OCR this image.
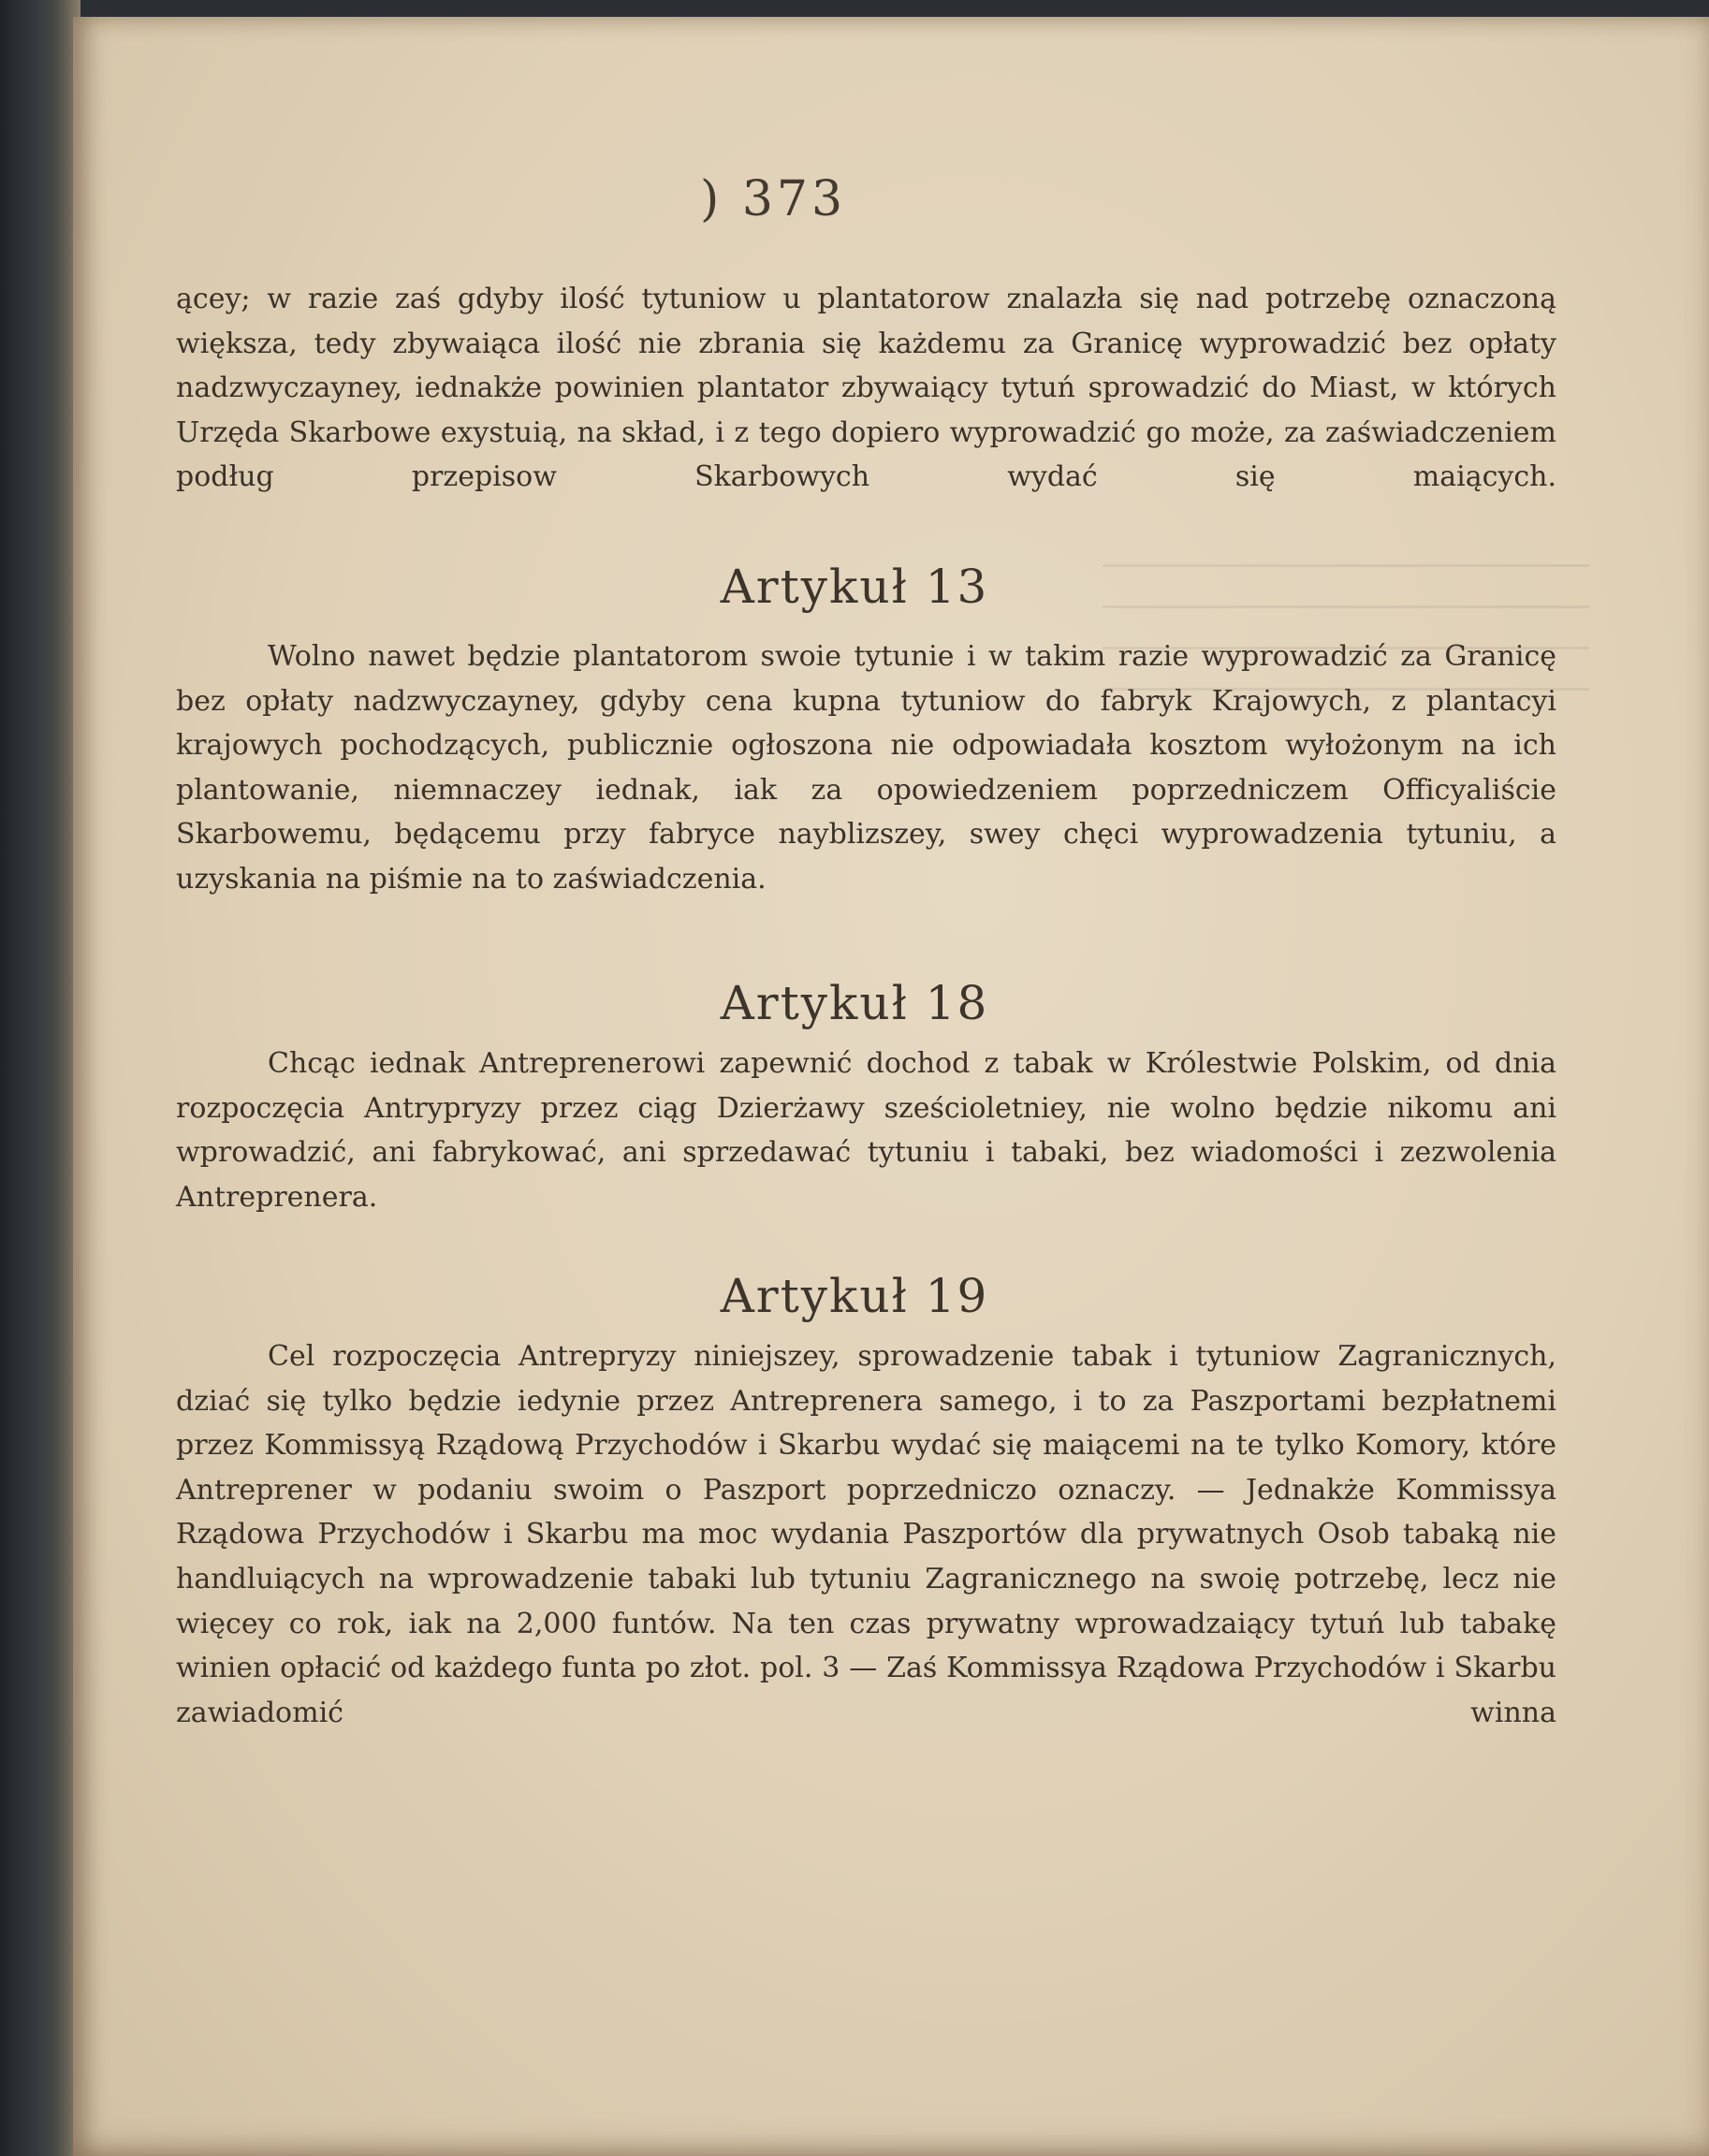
) 373

ącey; w razie zaś gdyby ilość tytuniow u plantatorow znalazła się nad potrzebę oznaczoną większa, tedy zbywaiąca ilość nie zbrania się każdemu za Granicę wyprowadzić bez opłaty nadzwyczayney, iednakże powinien plantator zbywaiący tytuń sprowadzić do Miast, w których Urzęda Skarbowe exystuią, na skład, i z tego dopiero wyprowadzić go może, za zaświadczeniem podług przepisow Skarbowych wydać się maiących.

Artykuł 13

Wolno nawet będzie plantatorom swoie tytunie i w takim razie wyprowadzić za Granicę bez opłaty nadzwyczayney, gdyby cena kupna tytuniow do fabryk Krajowych, z plantacyi krajowych pochodzących, publicznie ogłoszona nie odpowiadała kosztom wyłożonym na ich plantowanie, niemnaczey iednak, iak za opowiedzeniem poprzedniczem Officyaliście Skarbowemu, będącemu przy fabryce nayblizszey, swey chęci wyprowadzenia tytuniu, a uzyskania na piśmie na to zaświadczenia.

Artykuł 18

Chcąc iednak Antreprenerowi zapewnić dochod z tabak w Królestwie Polskim, od dnia rozpoczęcia Antrypryzy przez ciąg Dzierżawy sześcioletniey, nie wolno będzie nikomu ani wprowadzić, ani fabrykować, ani sprzedawać tytuniu i tabaki, bez wiadomości i zezwolenia Antreprenera.

Artykuł 19

Cel rozpoczęcia Antrepryzy niniejszey, sprowadzenie tabak i tytuniow Zagranicznych, dziać się tylko będzie iedynie przez Antreprenera samego, i to za Paszportami bezpłatnemi przez Kommissyą Rządową Przychodów i Skarbu wydać się maiącemi na te tylko Komory, które Antreprener w podaniu swoim o Paszport poprzedniczo oznaczy. — Jednakże Kommissya Rządowa Przychodów i Skarbu ma moc wydania Paszportów dla prywatnych Osob tabaką nie handluiących na wprowadzenie tabaki lub tytuniu Zagranicznego na swoię potrzebę, lecz nie więcey co rok, iak na 2,000 funtów. Na ten czas prywatny wprowadzaiący tytuń lub tabakę winien opłacić od każdego funta po złot. pol. 3 — Zaś Kommissya Rządowa Przychodów i Skarbu zawiadomić winna
